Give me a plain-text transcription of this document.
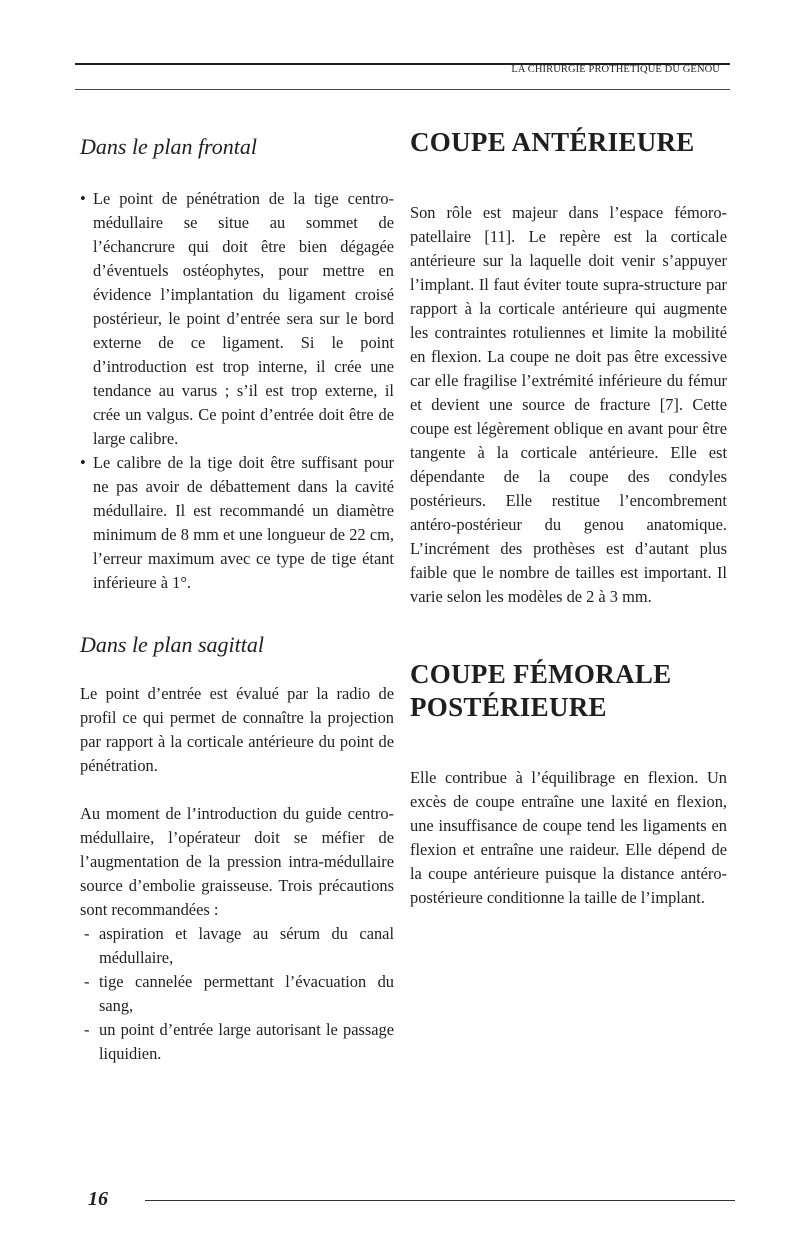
LA CHIRURGIE PROTHÉTIQUE DU GENOU
Dans le plan frontal
• Le point de pénétration de la tige centro-médullaire se situe au sommet de l’échancrure qui doit être bien dégagée d’éventuels ostéophytes, pour mettre en évidence l’implantation du ligament croisé postérieur, le point d’entrée sera sur le bord externe de ce ligament. Si le point d’introduction est trop interne, il crée une tendance au varus ; s’il est trop externe, il crée un valgus. Ce point d’entrée doit être de large calibre.
• Le calibre de la tige doit être suffisant pour ne pas avoir de débattement dans la cavité médullaire. Il est recommandé un diamètre minimum de 8 mm et une longueur de 22 cm, l’erreur maximum avec ce type de tige étant inférieure à 1°.
Dans le plan sagittal

Le point d’entrée est évalué par la radio de profil ce qui permet de connaître la projection par rapport à la corticale antérieure du point de pénétration.

Au moment de l’introduction du guide centro-médullaire, l’opérateur doit se méfier de l’augmentation de la pression intra-médullaire source d’embolie graisseuse. Trois précautions sont recommandées :

- aspiration et lavage au sérum du canal médullaire,
- tige cannelée permettant l’évacuation du sang,
- un point d’entrée large autorisant le passage liquidien.
COUPE ANTÉRIEURE

Son rôle est majeur dans l’espace fémoro-patellaire [11]. Le repère est la corticale antérieure sur la laquelle doit venir s’appuyer l’implant. Il faut éviter toute supra-structure par rapport à la corticale antérieure qui augmente les contraintes rotuliennes et limite la mobilité en flexion. La coupe ne doit pas être excessive car elle fragilise l’extrémité inférieure du fémur et devient une source de fracture [7]. Cette coupe est légèrement oblique en avant pour être tangente à la corticale antérieure. Elle est dépendante de la coupe des condyles postérieurs. Elle restitue l’encombrement antéro-postérieur du genou anatomique. L’incrément des prothèses est d’autant plus faible que le nombre de tailles est important. Il varie selon les modèles de 2 à 3 mm.

COUPE FÉMORALE
POSTÉRIEURE

Elle contribue à l’équilibrage en flexion. Un excès de coupe entraîne une laxité en flexion, une insuffisance de coupe tend les ligaments en flexion et entraîne une raideur. Elle dépend de la coupe antérieure puisque la distance antéro-postérieure conditionne la taille de l’implant.

16
